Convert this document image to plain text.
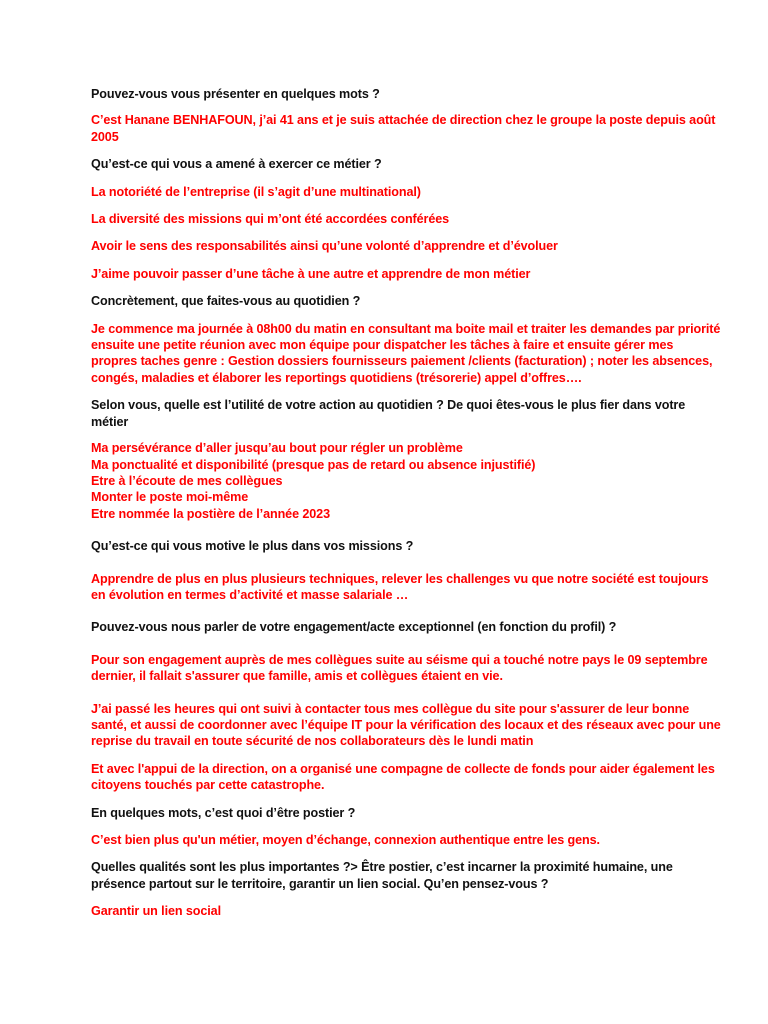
Pouvez-vous vous présenter en quelques mots ?

C’est Hanane BENHAFOUN, j’ai 41 ans et je suis attachée de direction chez le groupe la poste depuis août 2005

Qu’est-ce qui vous a amené à exercer ce métier ?

La notoriété de l’entreprise (il s’agit d’une multinational)

La diversité des missions qui m’ont été accordées conférées

Avoir le sens des responsabilités ainsi qu’une volonté d’apprendre et d’évoluer

J’aime pouvoir passer d’une tâche à une autre et apprendre de mon métier

Concrètement, que faites-vous au quotidien ?

Je commence ma journée à 08h00 du matin en consultant ma boite mail et traiter les demandes par priorité ensuite une petite réunion avec mon équipe pour dispatcher les tâches à faire et ensuite gérer mes propres taches genre : Gestion dossiers fournisseurs paiement /clients (facturation) ; noter les absences, congés, maladies et élaborer les reportings quotidiens (trésorerie) appel d’offres….

Selon vous, quelle est l’utilité de votre action au quotidien ? De quoi êtes-vous le plus fier dans votre métier

Ma persévérance d’aller jusqu’au bout pour régler un problème
Ma ponctualité et disponibilité (presque pas de retard ou absence injustifié)
Etre à l’écoute de mes collègues
Monter le poste moi-même
Etre nommée la postière de l’année 2023

Qu’est-ce qui vous motive le plus dans vos missions ?

Apprendre de plus en plus plusieurs techniques, relever les challenges vu que notre société est toujours en évolution en termes d’activité et masse salariale …

Pouvez-vous nous parler de votre engagement/acte exceptionnel (en fonction du profil) ?

Pour son engagement auprès de mes collègues suite au séisme qui a touché notre pays le 09 septembre dernier, il fallait s'assurer que famille, amis et collègues étaient en vie.

J’ai passé les heures qui ont suivi à contacter tous mes collègue du site pour s'assurer de leur bonne santé, et aussi de coordonner avec l’équipe IT pour la vérification des locaux et des réseaux avec pour une reprise du travail en toute sécurité de nos collaborateurs dès le lundi matin

Et avec l'appui de la direction, on a organisé une compagne de collecte de fonds pour aider également les citoyens touchés par cette catastrophe.

En quelques mots, c’est quoi d’être postier ?

C’est bien plus qu'un métier, moyen d’échange, connexion authentique entre les gens.

Quelles qualités sont les plus importantes ?> Être postier, c’est incarner la proximité humaine, une présence partout sur le territoire, garantir un lien social. Qu’en pensez-vous ?

Garantir un lien social
